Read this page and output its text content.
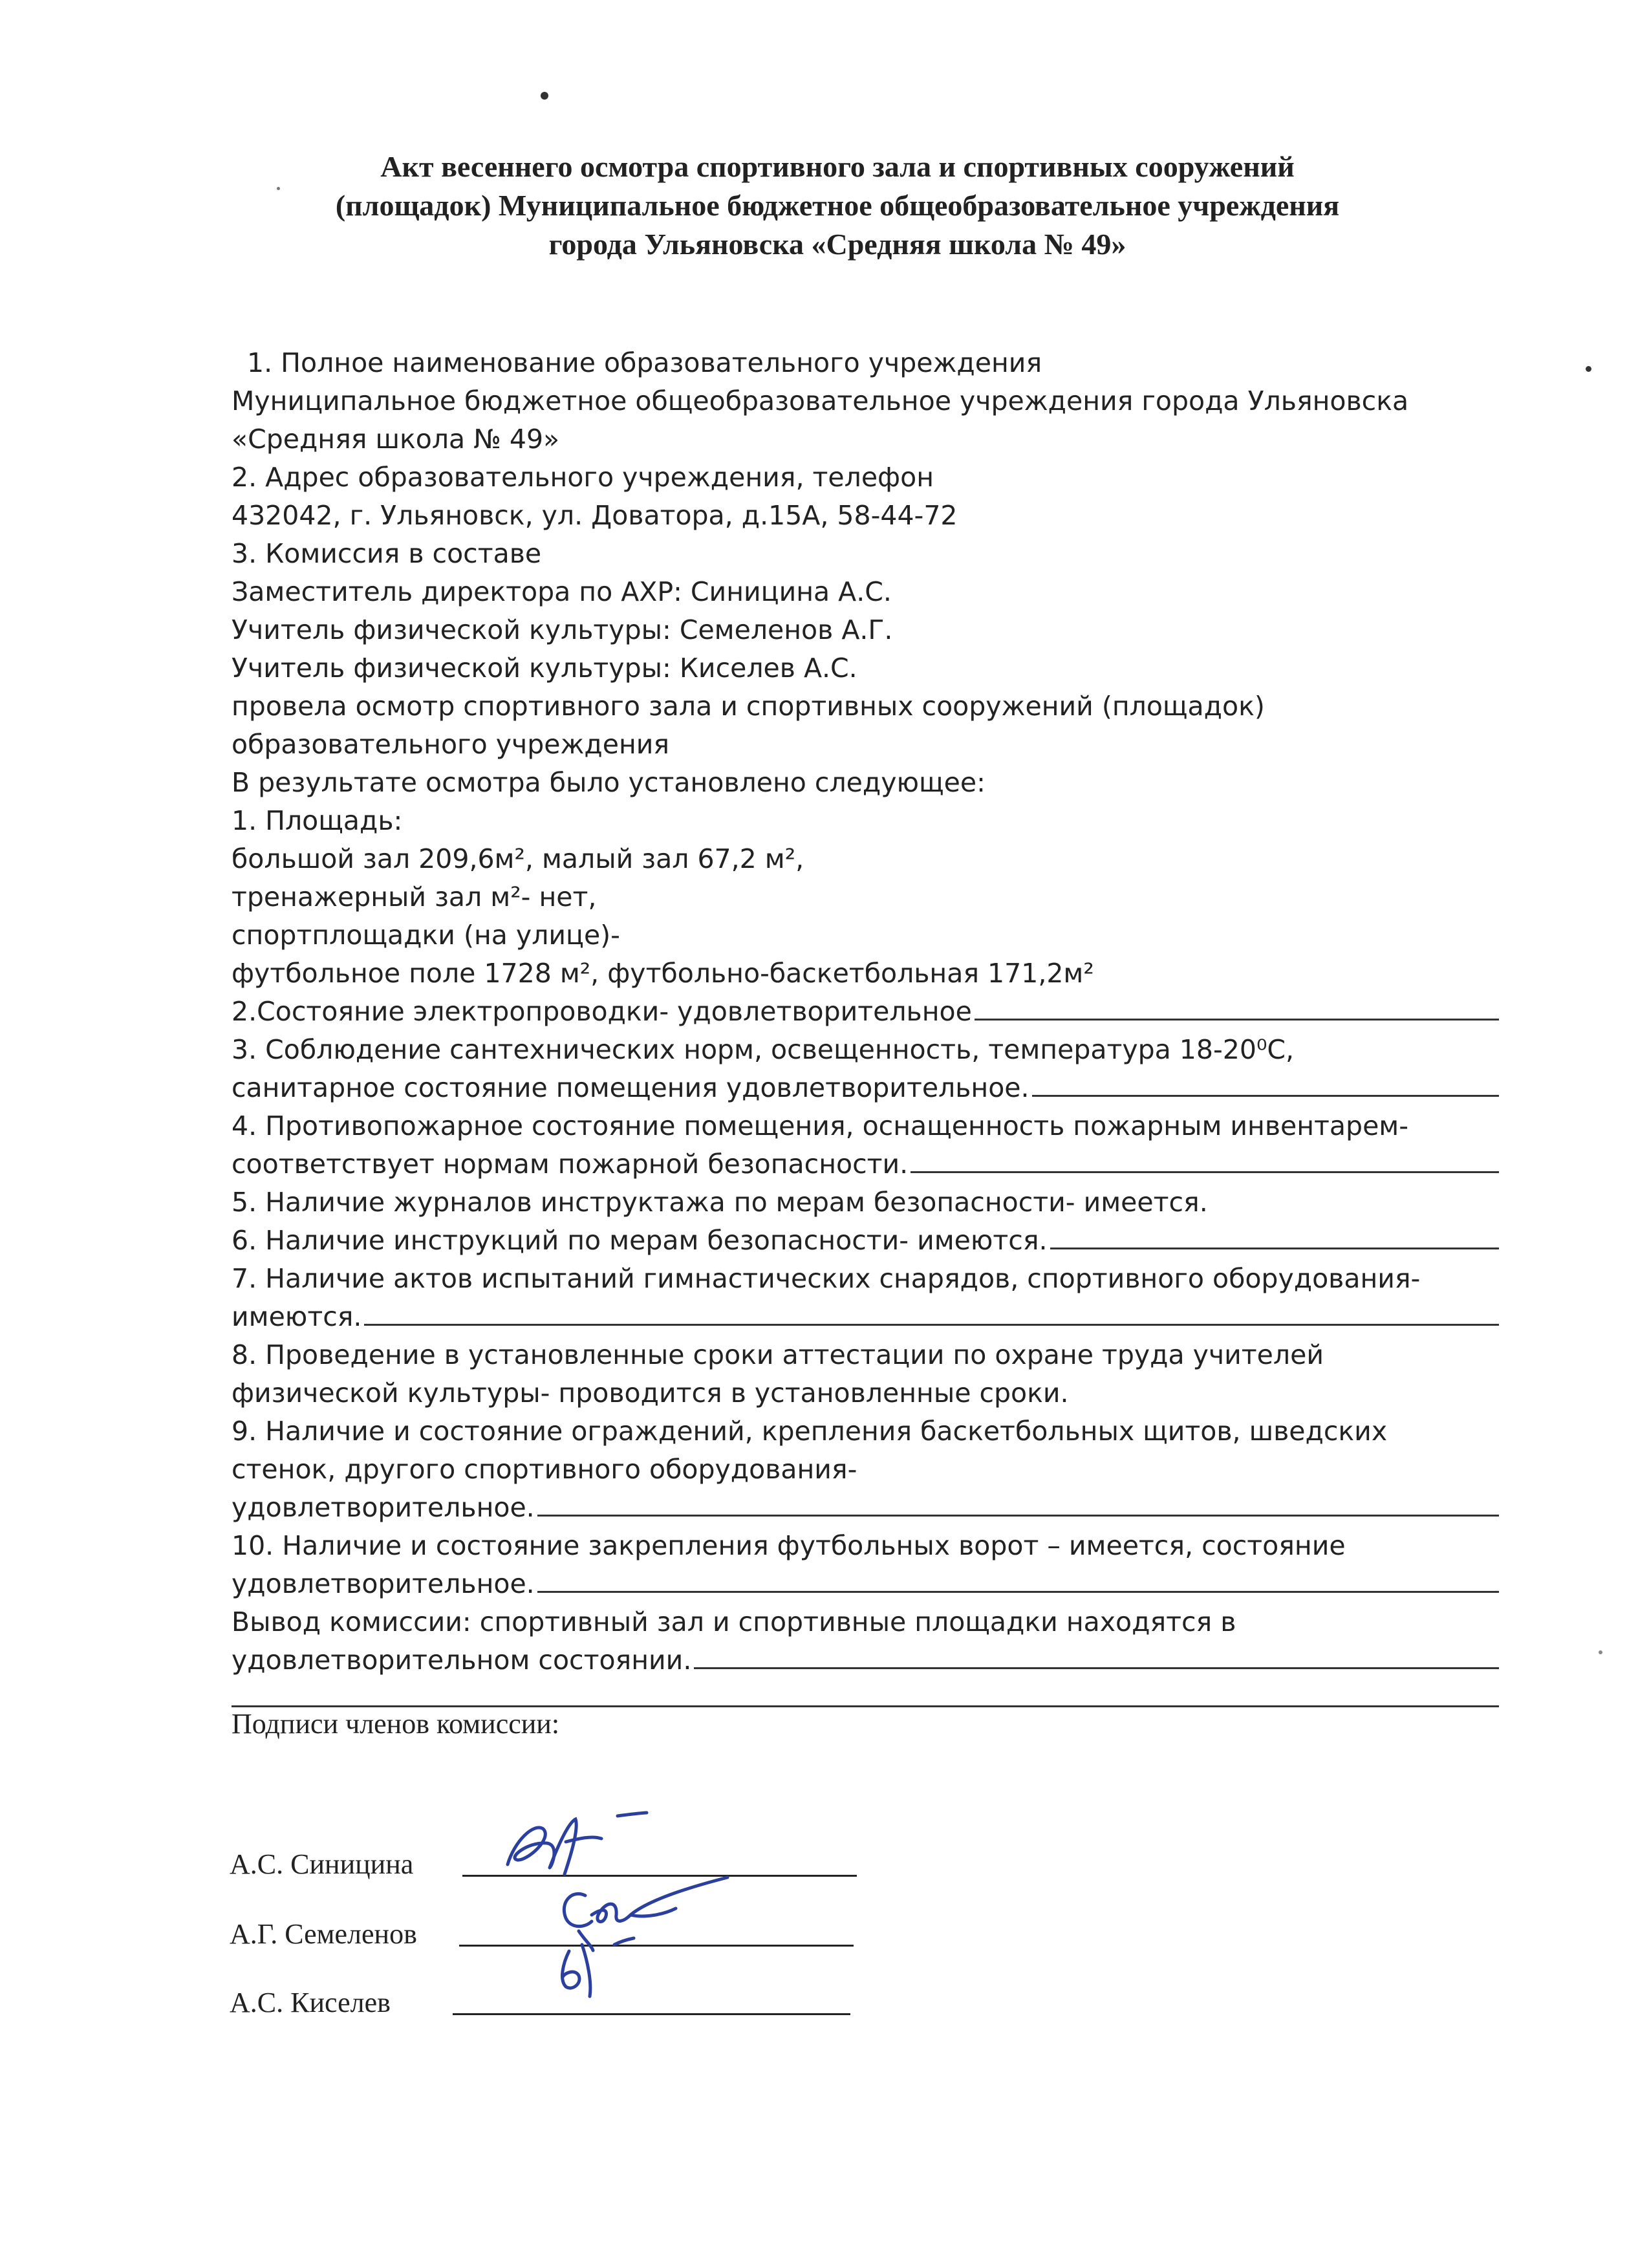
Акт весеннего осмотра спортивного зала и спортивных сооружений
(площадок) Муниципальное бюджетное общеобразовательное учреждения
города Ульяновска «Средняя школа № 49»
1. Полное наименование образовательного учреждения
Муниципальное бюджетное общеобразовательное учреждения города Ульяновска
«Средняя школа № 49»
2. Адрес образовательного учреждения, телефон
432042, г. Ульяновск, ул. Доватора, д.15А, 58-44-72
3. Комиссия в составе
Заместитель директора по АХР: Синицина А.С.
Учитель физической культуры: Семеленов А.Г.
Учитель физической культуры: Киселев А.С.
провела осмотр спортивного зала и спортивных сооружений (площадок)
образовательного учреждения
В результате осмотра было установлено следующее:
1. Площадь:
большой зал 209,6м², малый зал 67,2 м²,
тренажерный зал м²- нет,
спортплощадки (на улице)-
футбольное поле 1728 м², футбольно-баскетбольная 171,2м²
2.Состояние электропроводки- удовлетворительное
3. Соблюдение сантехнических норм, освещенность, температура 18-20⁰С,
санитарное состояние помещения удовлетворительное.
4. Противопожарное состояние помещения, оснащенность пожарным инвентарем-
соответствует нормам пожарной безопасности.
5. Наличие журналов инструктажа по мерам безопасности- имеется.
6. Наличие инструкций по мерам безопасности- имеются.
7. Наличие актов испытаний гимнастических снарядов, спортивного оборудования-
имеются.
8. Проведение в установленные сроки аттестации по охране труда учителей
физической культуры- проводится в установленные сроки.
9. Наличие и состояние ограждений, крепления баскетбольных щитов, шведских
стенок, другого спортивного оборудования-
удовлетворительное.
10. Наличие и состояние закрепления футбольных ворот – имеется, состояние
удовлетворительное.
Вывод комиссии: спортивный зал и спортивные площадки находятся в
удовлетворительном состоянии.
Подписи членов комиссии:
А.С. Синицина
А.Г. Семеленов
А.С. Киселев
